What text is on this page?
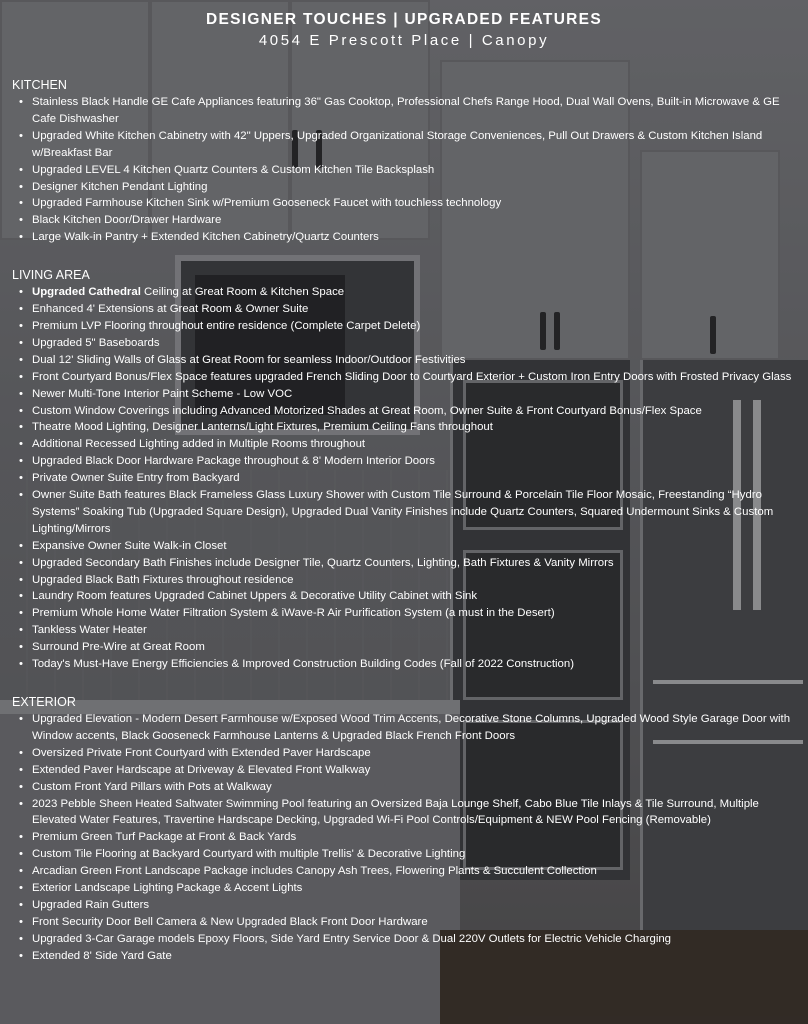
DESIGNER TOUCHES | UPGRADED FEATURES
4054 E Prescott Place | Canopy
KITCHEN
• Stainless Black Handle GE Cafe Appliances featuring 36" Gas Cooktop, Professional Chefs Range Hood, Dual Wall Ovens, Built-in Microwave & GE Cafe Dishwasher
• Upgraded White Kitchen Cabinetry with 42" Uppers, Upgraded Organizational Storage Conveniences, Pull Out Drawers & Custom Kitchen Island w/Breakfast Bar
• Upgraded LEVEL 4 Kitchen Quartz Counters & Custom Kitchen Tile Backsplash
• Designer Kitchen Pendant Lighting
• Upgraded Farmhouse Kitchen Sink w/Premium Gooseneck Faucet with touchless technology
• Black Kitchen Door/Drawer Hardware
• Large Walk-in Pantry + Extended Kitchen Cabinetry/Quartz Counters
LIVING AREA
• Upgraded Cathedral Ceiling at Great Room & Kitchen Space
• Enhanced 4' Extensions at Great Room & Owner Suite
• Premium LVP Flooring throughout entire residence (Complete Carpet Delete)
• Upgraded 5" Baseboards
• Dual 12' Sliding Walls of Glass at Great Room for seamless Indoor/Outdoor Festivities
• Front Courtyard Bonus/Flex Space features upgraded French Sliding Door to Courtyard Exterior + Custom Iron Entry Doors with Frosted Privacy Glass
• Newer Multi-Tone Interior Paint Scheme - Low VOC
• Custom Window Coverings including Advanced Motorized Shades at Great Room, Owner Suite & Front Courtyard Bonus/Flex Space
• Theatre Mood Lighting, Designer Lanterns/Light Fixtures, Premium Ceiling Fans throughout
• Additional Recessed Lighting added in Multiple Rooms throughout
• Upgraded Black Door Hardware Package throughout & 8' Modern Interior Doors
• Private Owner Suite Entry from Backyard
• Owner Suite Bath features Black Frameless Glass Luxury Shower with Custom Tile Surround & Porcelain Tile Floor Mosaic, Freestanding “Hydro Systems” Soaking Tub (Upgraded Square Design), Upgraded Dual Vanity Finishes include Quartz Counters, Squared Undermount Sinks & Custom Lighting/Mirrors
• Expansive Owner Suite Walk-in Closet
• Upgraded Secondary Bath Finishes include Designer Tile, Quartz Counters, Lighting, Bath Fixtures & Vanity Mirrors
• Upgraded Black Bath Fixtures throughout residence
• Laundry Room features Upgraded Cabinet Uppers & Decorative Utility Cabinet with Sink
• Premium Whole Home Water Filtration System & iWave-R Air Purification System (a must in the Desert)
• Tankless Water Heater
• Surround Pre-Wire at Great Room
• Today's Must-Have Energy Efficiencies & Improved Construction Building Codes (Fall of 2022 Construction)
EXTERIOR
• Upgraded Elevation - Modern Desert Farmhouse w/Exposed Wood Trim Accents, Decorative Stone Columns, Upgraded Wood Style Garage Door with Window accents, Black Gooseneck Farmhouse Lanterns & Upgraded Black French Front Doors
• Oversized Private Front Courtyard with Extended Paver Hardscape
• Extended Paver Hardscape at Driveway & Elevated Front Walkway
• Custom Front Yard Pillars with Pots at Walkway
• 2023 Pebble Sheen Heated Saltwater Swimming Pool featuring an Oversized Baja Lounge Shelf, Cabo Blue Tile Inlays & Tile Surround, Multiple Elevated Water Features, Travertine Hardscape Decking, Upgraded Wi-Fi Pool Controls/Equipment & NEW Pool Fencing (Removable)
• Premium Green Turf Package at Front & Back Yards
• Custom Tile Flooring at Backyard Courtyard with multiple Trellis' & Decorative Lighting
• Arcadian Green Front Landscape Package includes Canopy Ash Trees, Flowering Plants & Succulent Collection
• Exterior Landscape Lighting Package & Accent Lights
• Upgraded Rain Gutters
• Front Security Door Bell Camera & New Upgraded Black Front Door Hardware
• Upgraded 3-Car Garage models Epoxy Floors, Side Yard Entry Service Door & Dual 220V Outlets for Electric Vehicle Charging
• Extended 8' Side Yard Gate
